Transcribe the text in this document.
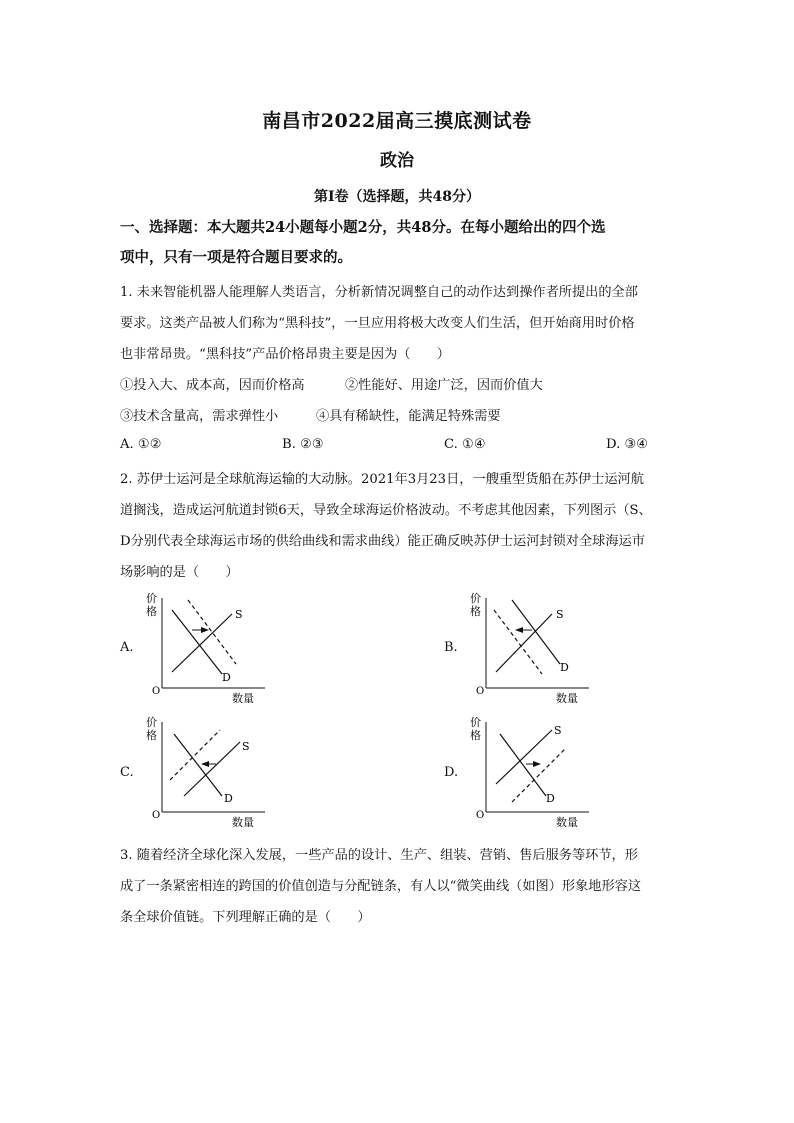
南昌市2022届高三摸底测试卷
政治
第Ⅰ卷（选择题，共48分）
一、选择题：本大题共24小题每小题2分，共48分。在每小题给出的四个选
项中，只有一项是符合题目要求的。
1. 未来智能机器人能理解人类语言，分析新情况调整自己的动作达到操作者所提出的全部
要求。这类产品被人们称为“黑科技”，一旦应用将极大改变人们生活，但开始商用时价格
也非常昂贵。“黑科技”产品价格昂贵主要是因为（　　）
①投入大、成本高，因而价格高	②性能好、用途广泛，因而价值大
③技术含量高，需求弹性小	④具有稀缺性，能满足特殊需要
A. ①②	B. ②③	C. ①④	D. ③④
2. 苏伊士运河是全球航海运输的大动脉。2021年3月23日，一艘重型货船在苏伊士运河航
道搁浅，造成运河航道封锁6天，导致全球海运价格波动。不考虑其他因素，下列图示（S、
D分别代表全球海运市场的供给曲线和需求曲线）能正确反映苏伊士运河封锁对全球海运市
场影响的是（　　）
A.	B.
C.	D.
价
格
O
数量
S
D
价
格
O
数量
S
D
价
格
O
数量
S
D
价
格
O
数量
S
D
3. 随着经济全球化深入发展，一些产品的设计、生产、组装、营销、售后服务等环节，形
成了一条紧密相连的跨国的价值创造与分配链条，有人以“微笑曲线（如图）形象地形容这
条全球价值链。下列理解正确的是（　　）
